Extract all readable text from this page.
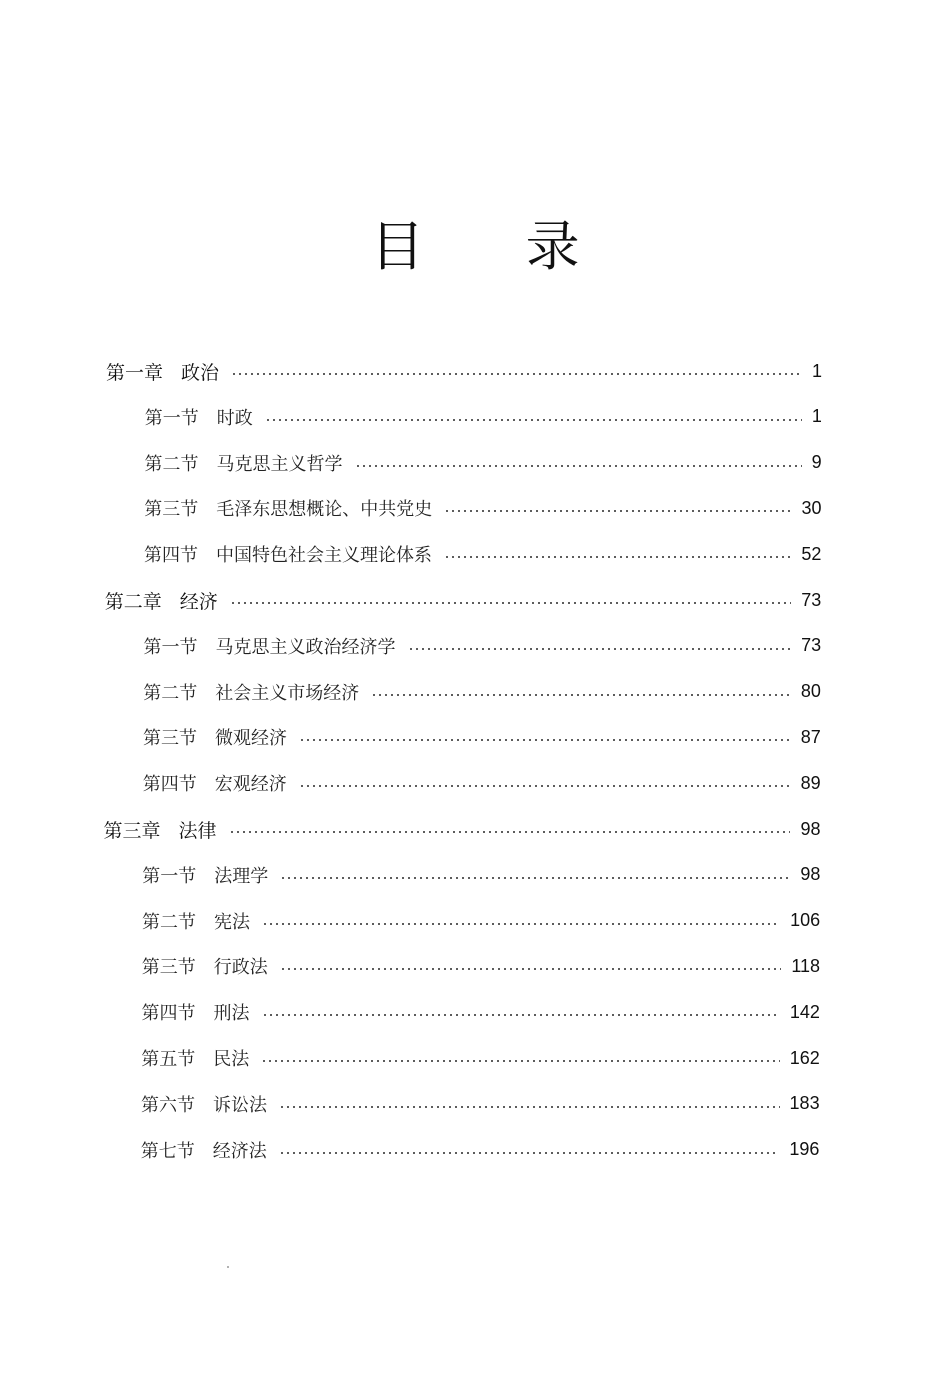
目 录
第一章 政治	1
第一节 时政	1
第二节 马克思主义哲学	9
第三节 毛泽东思想概论、中共党史	30
第四节 中国特色社会主义理论体系	52
第二章 经济	73
第一节 马克思主义政治经济学	73
第二节 社会主义市场经济	80
第三节 微观经济	87
第四节 宏观经济	89
第三章 法律	98
第一节 法理学	98
第二节 宪法	106
第三节 行政法	118
第四节 刑法	142
第五节 民法	162
第六节 诉讼法	183
第七节 经济法	196
